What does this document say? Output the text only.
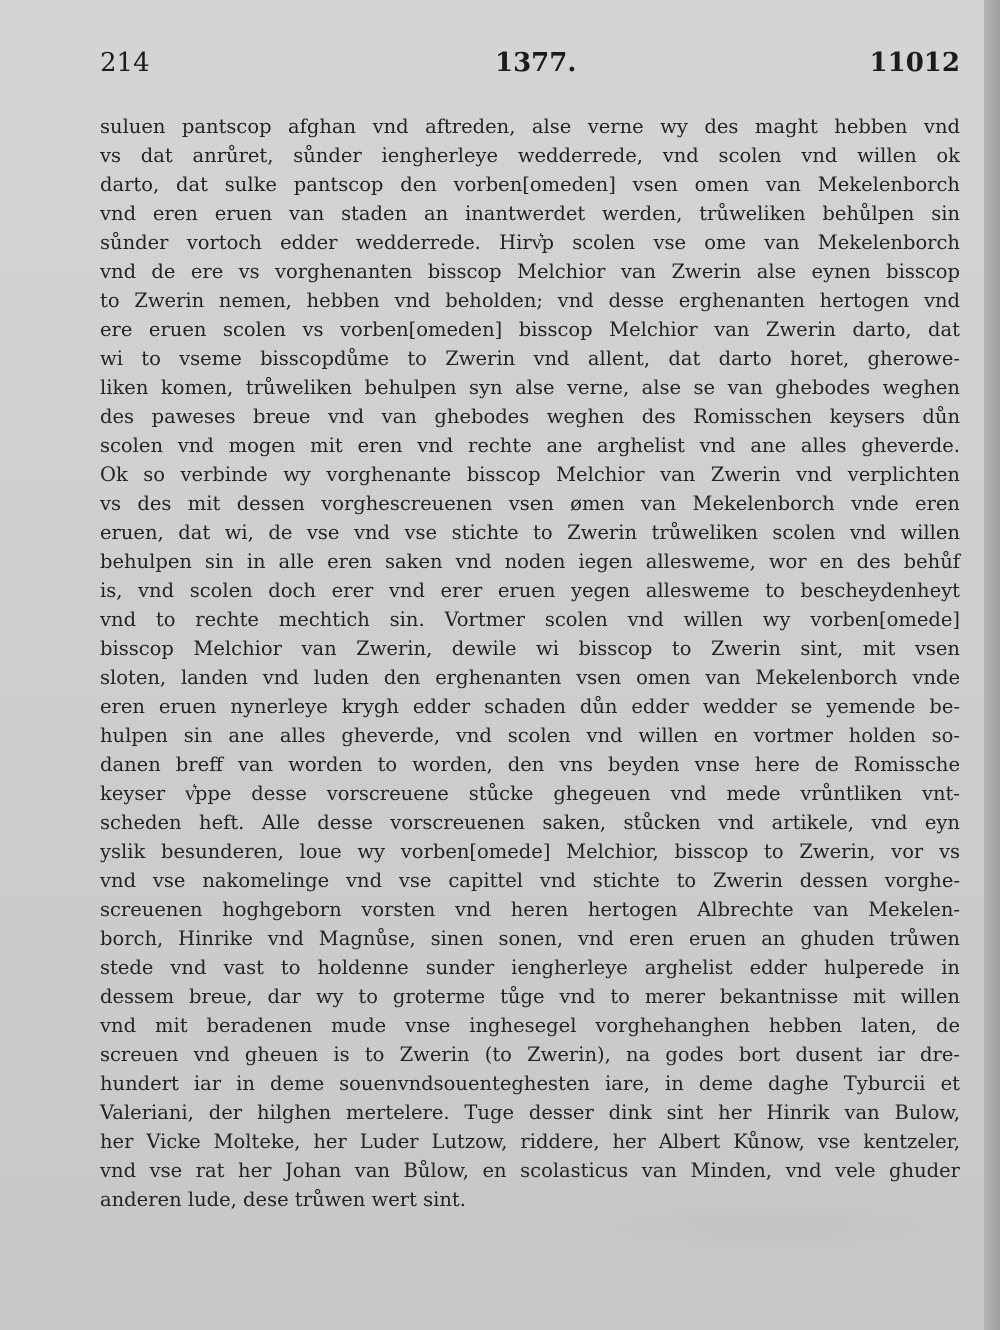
214	1377.	11012
suluen pantscop afghan vnd aftreden, alse verne wy des maght hebben vnd
vs dat anrůret, sůnder iengherleye wedderrede, vnd scolen vnd willen ok
darto, dat sulke pantscop den vorben[omeden] vsen omen van Mekelenborch
vnd eren eruen van staden an inantwerdet werden, trůweliken behůlpen sin
sůnder vortoch edder wedderrede. Hirv͛p scolen vse ome van Mekelenborch
vnd de ere vs vorghenanten bisscop Melchior van Zwerin alse eynen bisscop
to Zwerin nemen, hebben vnd beholden; vnd desse erghenanten hertogen vnd
ere eruen scolen vs vorben[omeden] bisscop Melchior van Zwerin darto, dat
wi to vseme bisscopdůme to Zwerin vnd allent, dat darto horet, gherowe-
liken komen, trůweliken behulpen syn alse verne, alse se van ghebodes weghen
des paweses breue vnd van ghebodes weghen des Romisschen keysers důn
scolen vnd mogen mit eren vnd rechte ane arghelist vnd ane alles gheverde.
Ok so verbinde wy vorghenante bisscop Melchior van Zwerin vnd verplichten
vs des mit dessen vorghescreuenen vsen ømen van Mekelenborch vnde eren
eruen, dat wi, de vse vnd vse stichte to Zwerin trůweliken scolen vnd willen
behulpen sin in alle eren saken vnd noden iegen allesweme, wor en des behůf
is, vnd scolen doch erer vnd erer eruen yegen allesweme to bescheydenheyt
vnd to rechte mechtich sin. Vortmer scolen vnd willen wy vorben[omede]
bisscop Melchior van Zwerin, dewile wi bisscop to Zwerin sint, mit vsen
sloten, landen vnd luden den erghenanten vsen omen van Mekelenborch vnde
eren eruen nynerleye krygh edder schaden důn edder wedder se yemende be-
hulpen sin ane alles gheverde, vnd scolen vnd willen en vortmer holden so-
danen breff van worden to worden, den vns beyden vnse here de Romissche
keyser v͛ppe desse vorscreuene stůcke ghegeuen vnd mede vrůntliken vnt-
scheden heft. Alle desse vorscreuenen saken, stůcken vnd artikele, vnd eyn
yslik besunderen, loue wy vorben[omede] Melchior, bisscop to Zwerin, vor vs
vnd vse nakomelinge vnd vse capittel vnd stichte to Zwerin dessen vorghe-
screuenen hoghgeborn vorsten vnd heren hertogen Albrechte van Mekelen-
borch, Hinrike vnd Magnůse, sinen sonen, vnd eren eruen an ghuden trůwen
stede vnd vast to holdenne sunder iengherleye arghelist edder hulperede in
dessem breue, dar wy to groterme tůge vnd to merer bekantnisse mit willen
vnd mit beradenen mude vnse inghesegel vorghehanghen hebben laten, de
screuen vnd gheuen is to Zwerin (to Zwerin), na godes bort dusent iar dre-
hundert iar in deme souenvndsouenteghesten iare, in deme daghe Tyburcii et
Valeriani, der hilghen mertelere. Tuge desser dink sint her Hinrik van Bulow,
her Vicke Molteke, her Luder Lutzow, riddere, her Albert Kůnow, vse kentzeler,
vnd vse rat her Johan van Bůlow, en scolasticus van Minden, vnd vele ghuder
anderen lude, dese trůwen wert sint.
